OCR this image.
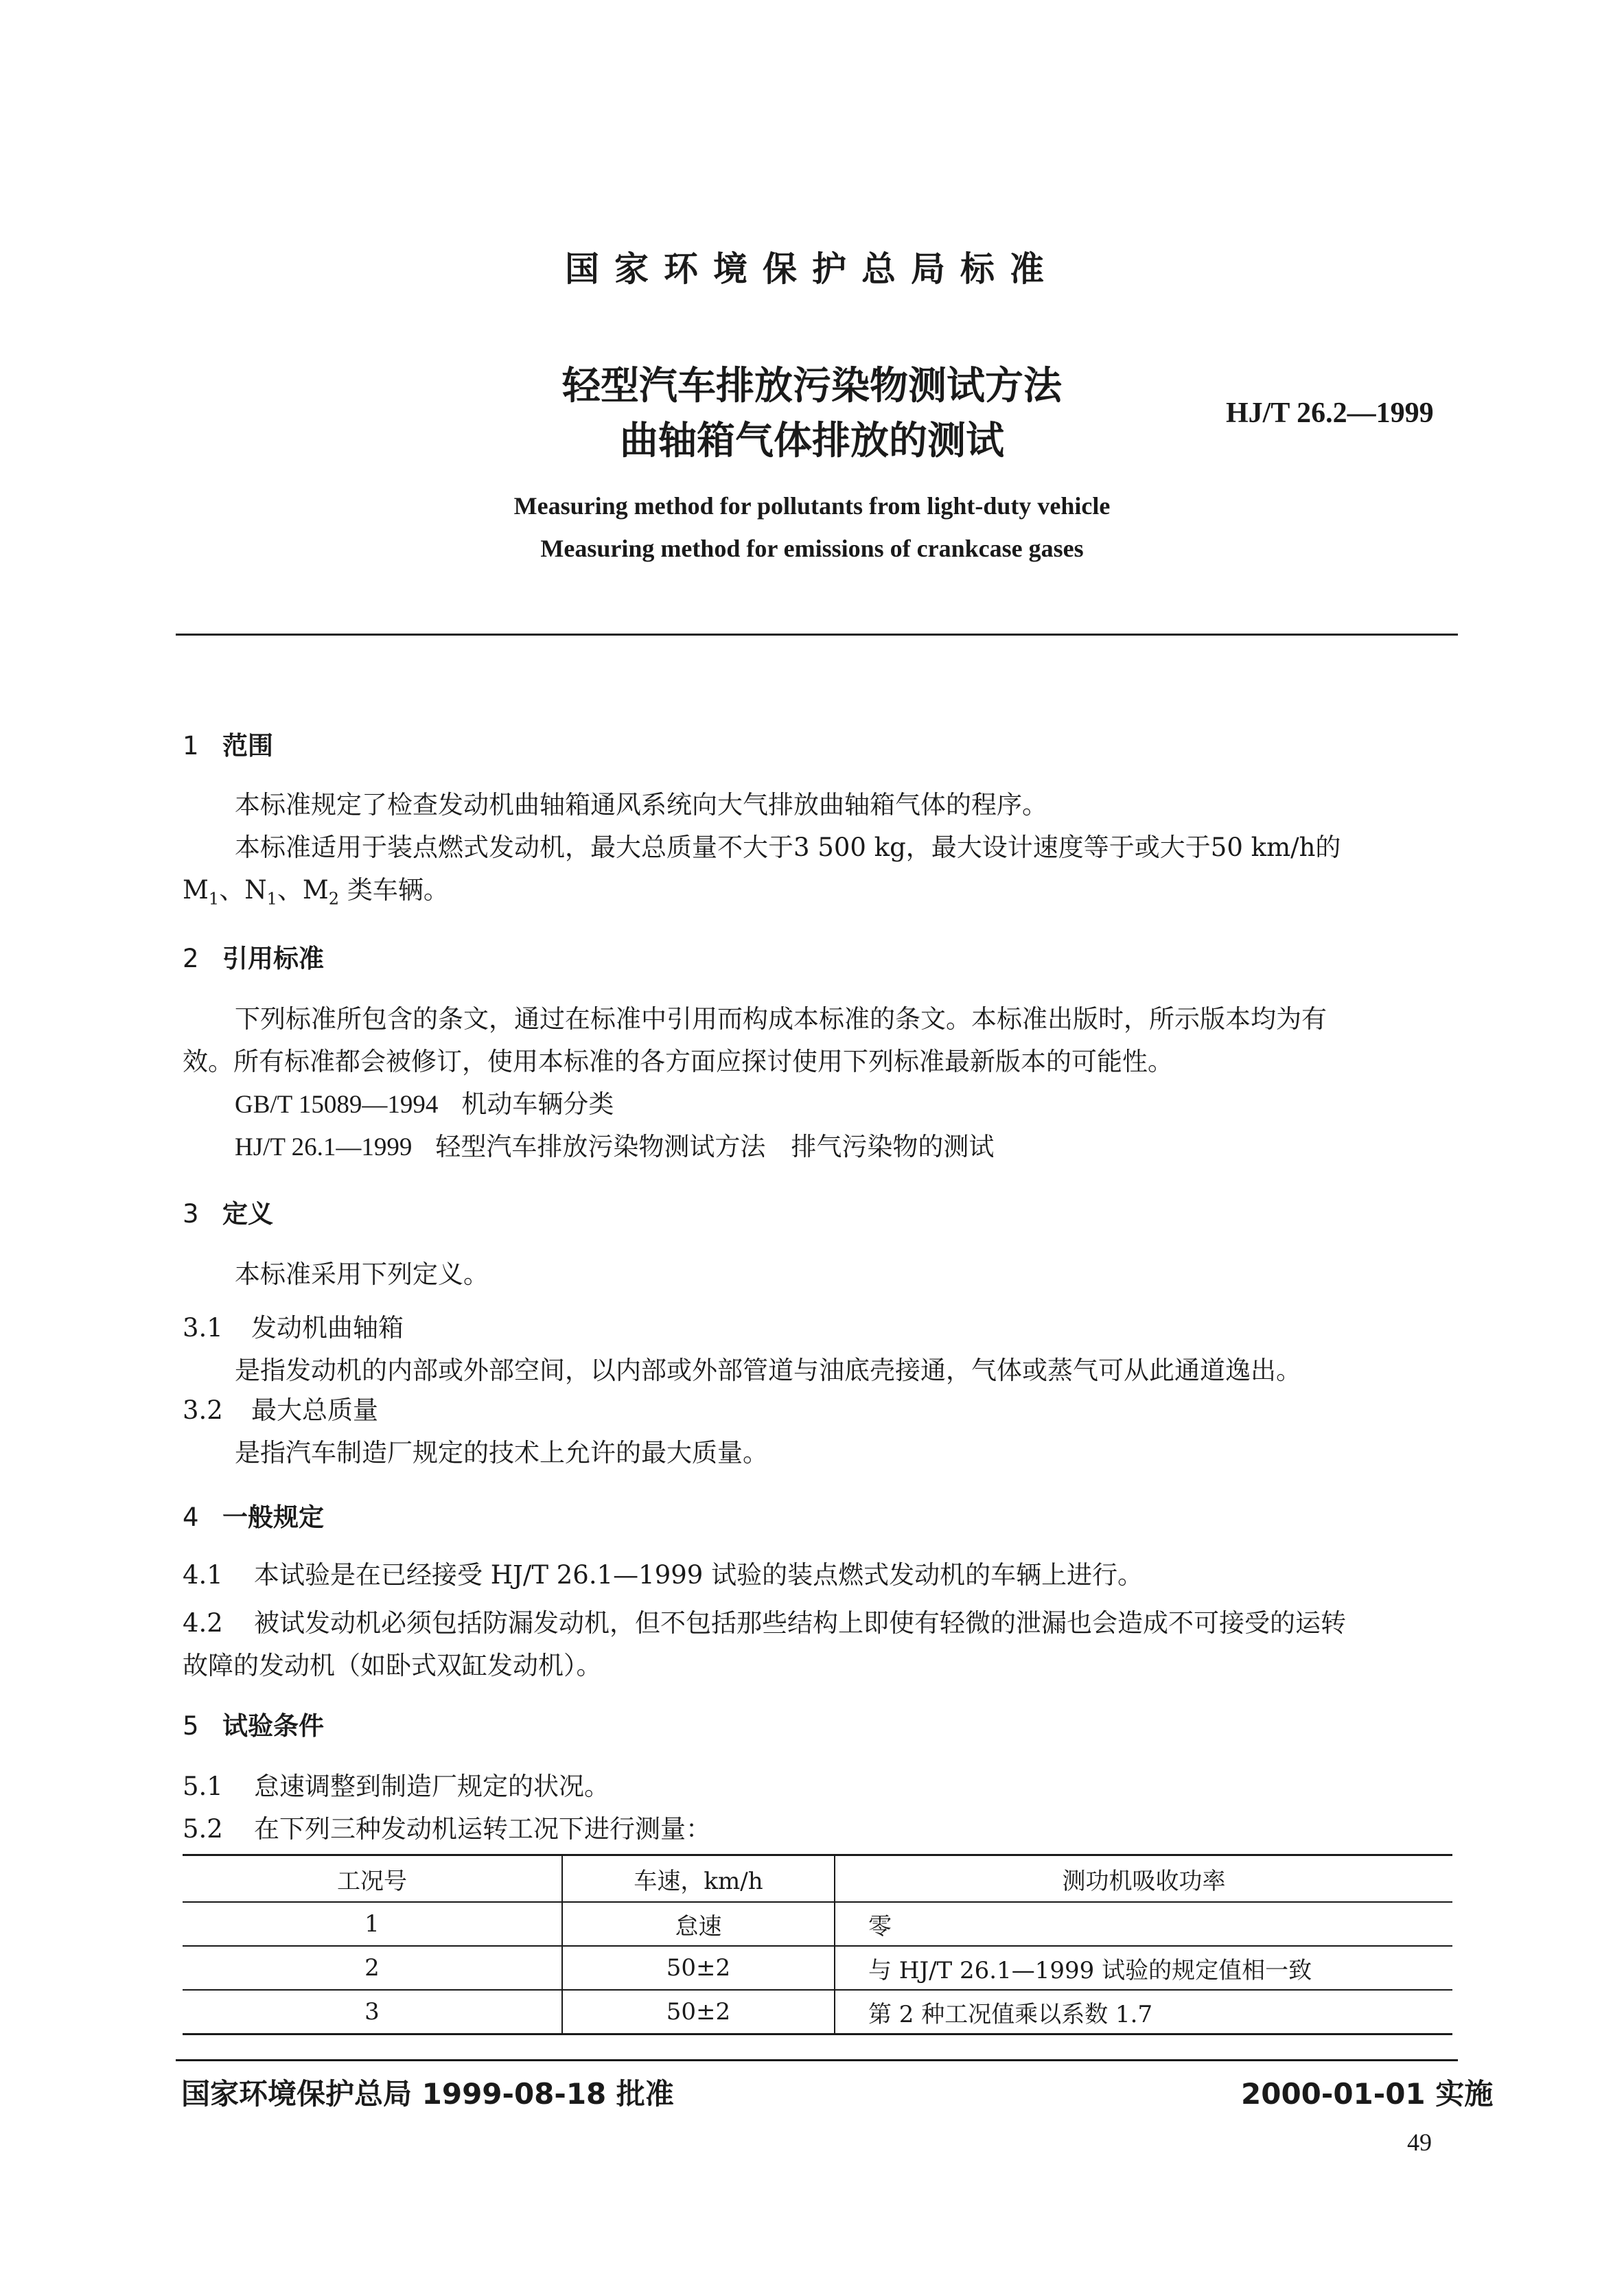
国家环境保护总局标准
轻型汽车排放污染物测试方法
曲轴箱气体排放的测试
HJ/T 26.2—1999
Measuring method for pollutants from light-duty vehicle
Measuring method for emissions of crankcase gases
1 范围
本标准规定了检查发动机曲轴箱通风系统向大气排放曲轴箱气体的程序。
本标准适用于装点燃式发动机，最大总质量不大于3 500 kg，最大设计速度等于或大于50 km/h的
$M_1$、$N_1$、$M_2$ 类车辆。
2 引用标准
下列标准所包含的条文，通过在标准中引用而构成本标准的条文。本标准出版时，所示版本均为有
效。所有标准都会被修订，使用本标准的各方面应探讨使用下列标准最新版本的可能性。
GB/T 15089—1994 机动车辆分类
HJ/T 26.1—1999 轻型汽车排放污染物测试方法　排气污染物的测试
3 定义
本标准采用下列定义。
3.1 发动机曲轴箱
是指发动机的内部或外部空间，以内部或外部管道与油底壳接通，气体或蒸气可从此通道逸出。
3.2 最大总质量
是指汽车制造厂规定的技术上允许的最大质量。
4 一般规定
4.1 本试验是在已经接受 HJ/T 26.1—1999 试验的装点燃式发动机的车辆上进行。
4.2 被试发动机必须包括防漏发动机，但不包括那些结构上即使有轻微的泄漏也会造成不可接受的运转
故障的发动机（如卧式双缸发动机）。
5 试验条件
5.1 怠速调整到制造厂规定的状况。
5.2 在下列三种发动机运转工况下进行测量：
工况号	车速，km/h	测功机吸收功率
1	怠速	零
2	50±2	与 HJ/T 26.1—1999 试验的规定值相一致
3	50±2	第 2 种工况值乘以系数 1.7
国家环境保护总局 1999-08-18 批准	2000-01-01 实施
49
